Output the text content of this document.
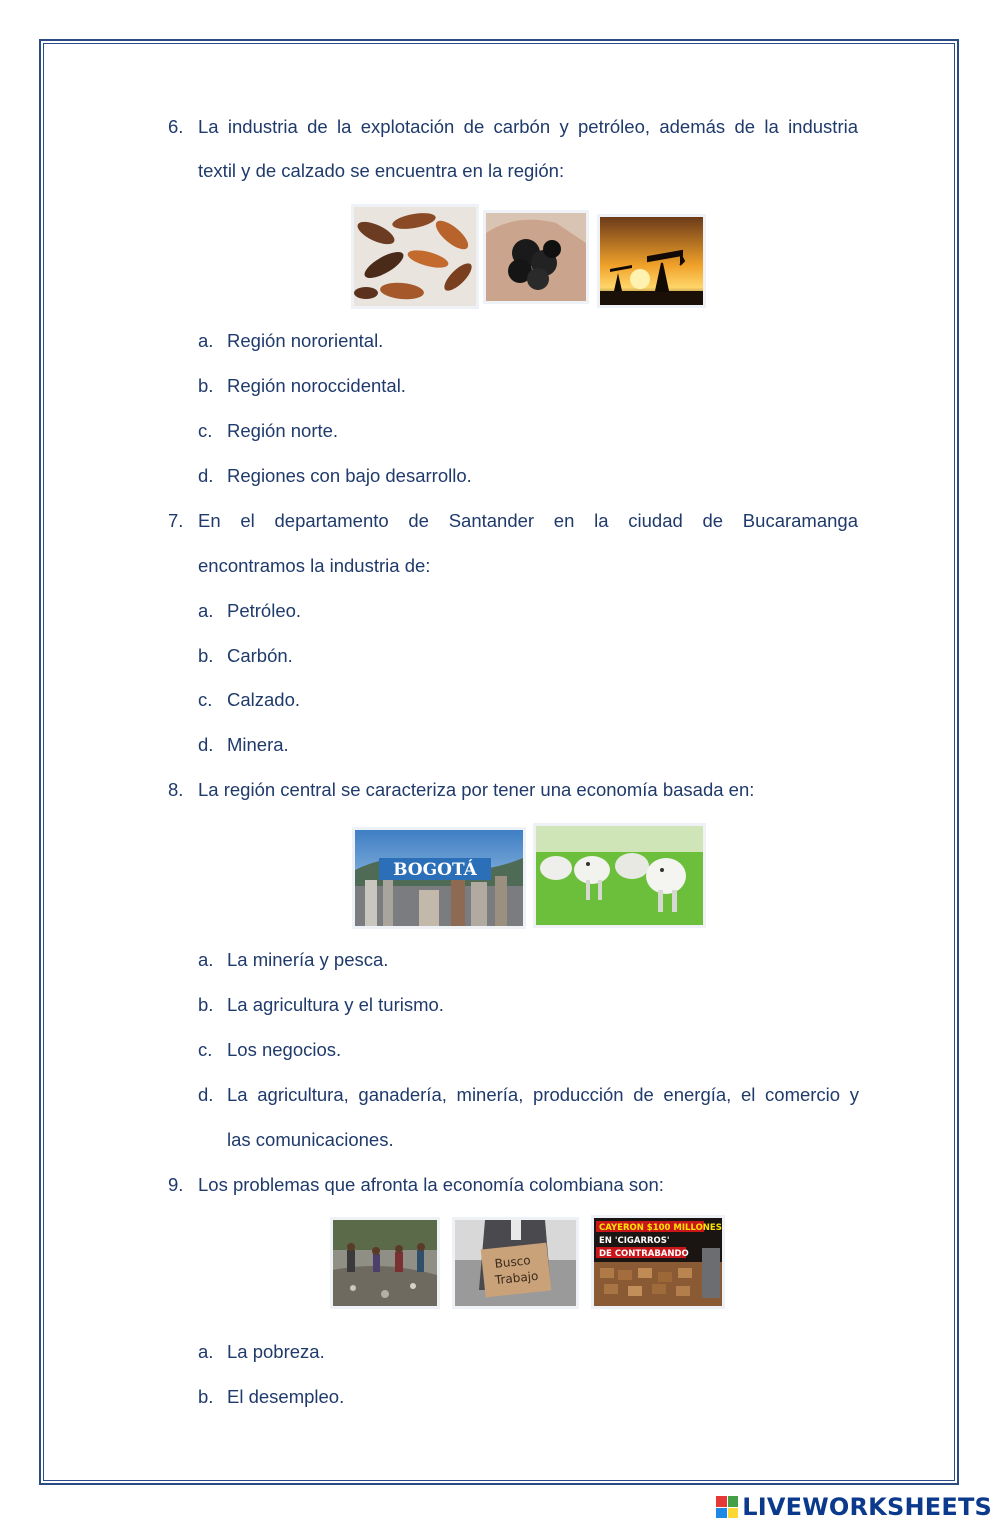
6. La industria de la explotación de carbón y petróleo, además de la industria
textil y de calzado se encuentra en la región:
a. Región nororiental.
b. Región noroccidental.
c. Región norte.
d. Regiones con bajo desarrollo.
7. En el departamento de Santander en la ciudad de Bucaramanga
encontramos la industria de:
a. Petróleo.
b. Carbón.
c. Calzado.
d. Minera.
8. La región central se caracteriza por tener una economía basada en:
BOGOTÁ
a. La minería y pesca.
b. La agricultura y el turismo.
c. Los negocios.
d. La agricultura, ganadería, minería, producción de energía, el comercio y
las comunicaciones.
9. Los problemas que afronta la economía colombiana son:
Busco
Trabajo
CAYERON $100 MILLONES
EN 'CIGARROS'
DE CONTRABANDO
a. La pobreza.
b. El desempleo.
LIVEWORKSHEETS
